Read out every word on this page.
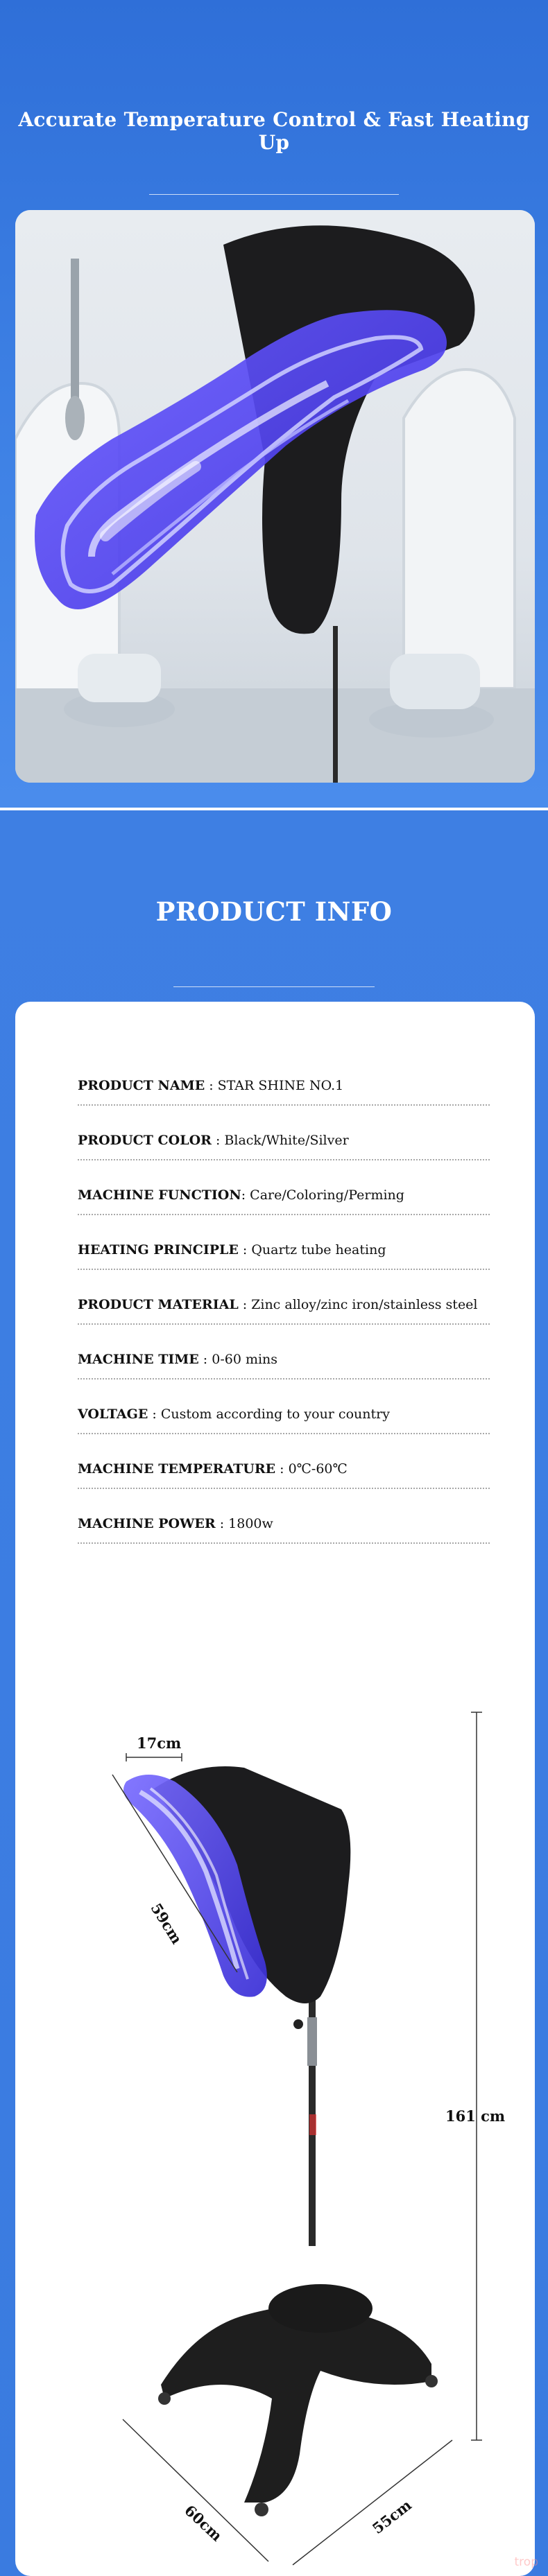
Accurate Temperature Control & Fast Heating Up
PRODUCT INFO
PRODUCT NAME : STAR SHINE NO.1
PRODUCT COLOR : Black/White/Silver
MACHINE FUNCTION: Care/Coloring/Perming
HEATING PRINCIPLE : Quartz tube heating
PRODUCT MATERIAL : Zinc alloy/zinc iron/stainless steel
MACHINE TIME : 0-60 mins
VOLTAGE : Custom according to your country
MACHINE TEMPERATURE : 0℃-60℃
MACHINE POWER : 1800w
17cm
59cm
161 cm
60cm	55cm
trop
